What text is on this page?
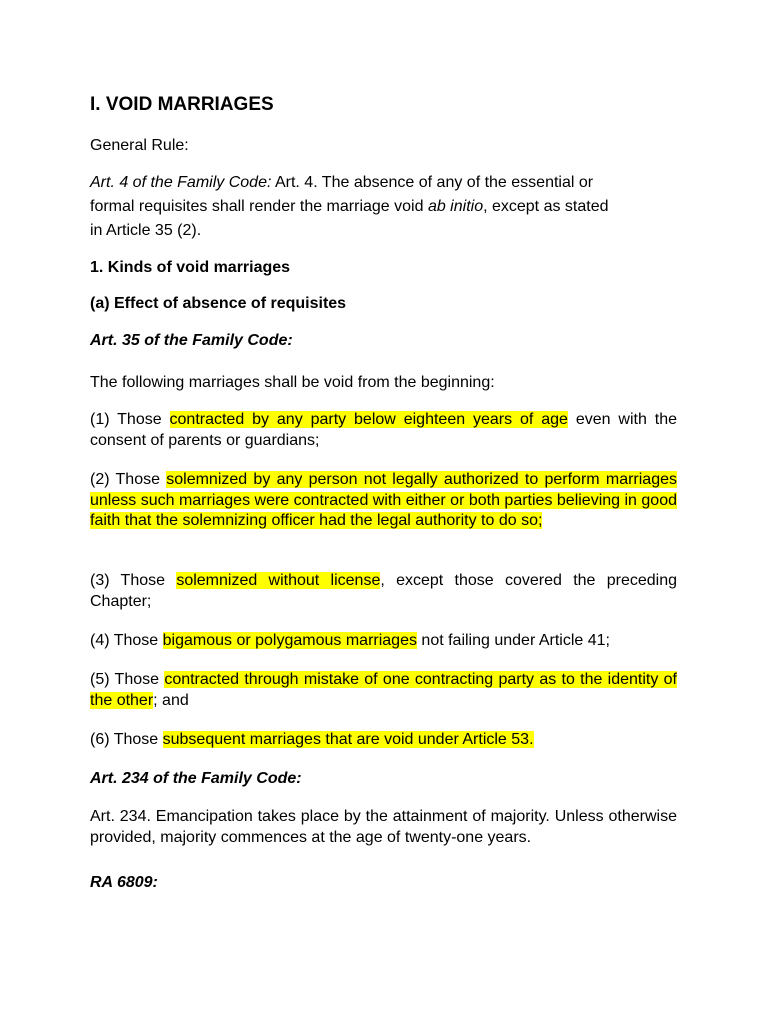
I. VOID MARRIAGES
General Rule:
Art. 4 of the Family Code: Art. 4. The absence of any of the essential or
formal requisites shall render the marriage void ab initio, except as stated
in Article 35 (2).
1. Kinds of void marriages
(a) Effect of absence of requisites
Art. 35 of the Family Code:
The following marriages shall be void from the beginning:
(1) Those contracted by any party below eighteen years of age even with the consent of parents or guardians;
(2) Those solemnized by any person not legally authorized to perform marriages unless such marriages were contracted with either or both parties believing in good faith that the solemnizing officer had the legal authority to do so;
(3) Those solemnized without license, except those covered the preceding Chapter;
(4) Those bigamous or polygamous marriages not failing under Article 41;
(5) Those contracted through mistake of one contracting party as to the identity of the other; and
(6) Those subsequent marriages that are void under Article 53.
Art. 234 of the Family Code:
Art. 234. Emancipation takes place by the attainment of majority. Unless otherwise provided, majority commences at the age of twenty-one years.
RA 6809:
